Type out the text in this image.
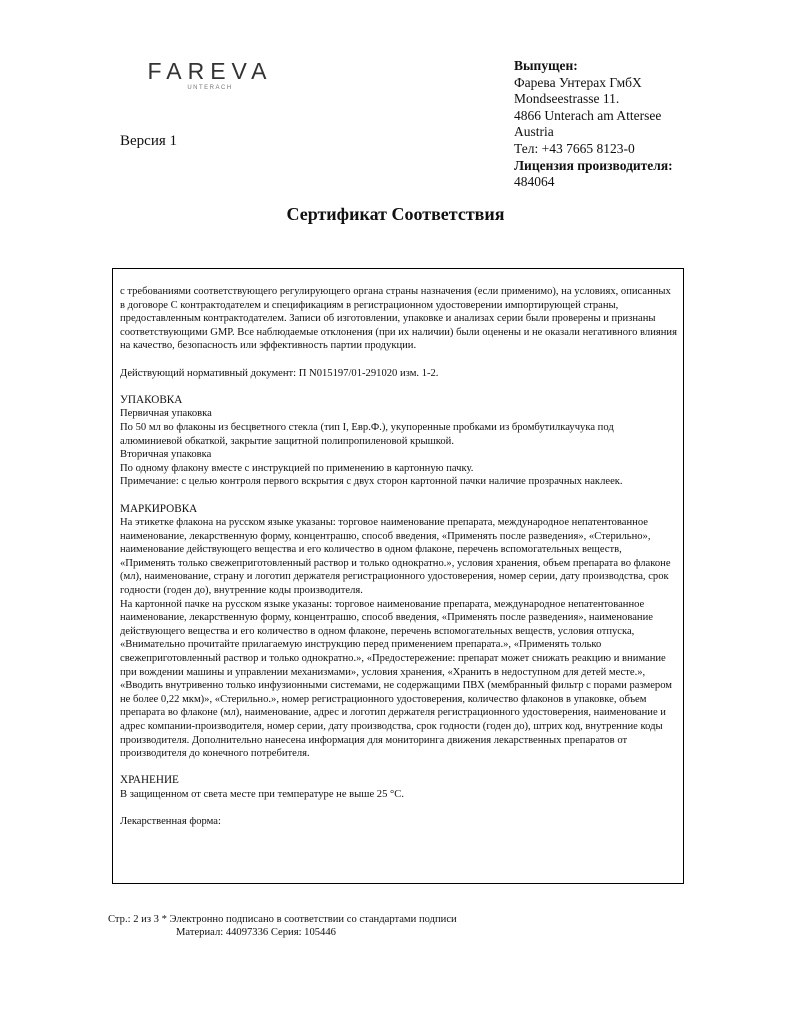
FAREVA
UNTERACH
Выпущен:
Фарева Унтерах ГмбХ
Mondseestrasse 11.
4866 Unterach am Attersee
Austria
Тел: +43 7665 8123-0
Лицензия производителя:
484064
Версия 1
Сертификат Соответствия

с требованиями соответствующего регулирующего органа страны назначения (если применимо), на условиях, описанных в договоре С контрактодателем и спецификациям в регистрационном удостоверении импортирующей страны, предоставленным контрактодателем. Записи об изготовлении, упаковке и анализах серии были проверены и признаны соответствующими GMP. Все наблюдаемые отклонения (при их наличии) были оценены и не оказали негативного влияния на качество, безопасность или эффективность партии продукции.

Действующий нормативный документ: П N015197/01-291020 изм. 1-2.

УПАКОВКА

Первичная упаковка

По 50 мл во флаконы из бесцветного стекла (тип I, Евр.Ф.), укупоренные пробками из бромбутилкаучука под алюминиевой обкаткой, закрытие защитной полипропиленовой крышкой.

Вторичная упаковка

По одному флакону вместе с инструкцией по применению в картонную пачку.

Примечание: с целью контроля первого вскрытия с двух сторон картонной пачки наличие прозрачных наклеек.

МАРКИРОВКА

На этикетке флакона на русском языке указаны: торговое наименование препарата, международное непатентованное наименование, лекарственную форму, концентрашю, способ введения, «Применять после разведения», «Стерильно», наименование действующего вещества и его количество в одном флаконе, перечень вспомогательных веществ, «Применять только свежеприготовленный раствор и только однократно.», условия хранения, объем препарата во флаконе (мл), наименование, страну и логотип держателя регистрационного удостоверения, номер серии, дату производства, срок годности (годен до), внутренние коды производителя.

На картонной пачке на русском языке указаны: торговое наименование препарата, международное непатентованное наименование, лекарственную форму, концентрашю, способ введения, «Применять после разведения», наименование действующего вещества и его количество в одном флаконе, перечень вспомогательных веществ, условия отпуска, «Внимательно прочитайте прилагаемую инструкцию перед применением препарата.», «Применять только свежеприготовленный раствор и только однократно.», «Предостережение: препарат может снижать реакцию и внимание при вождении машины и управлении механизмами», условия хранения, «Хранить в недоступном для детей месте.», «Вводить внутривенно только инфузионными системами, не содержащими ПВХ (мембранный фильтр с порами размером не более 0,22 мкм)», «Стерильно.», номер регистрационного удостоверения, количество флаконов в упаковке, объем препарата во флаконе (мл), наименование, адрес и логотип держателя регистрационного удостоверения, наименование и адрес компании-производителя, номер серии, дату производства, срок годности (годен до), штрих код, внутренние коды производителя. Дополнительно нанесена информация для мониторинга движения лекарственных препаратов от производителя до конечного потребителя.

ХРАНЕНИЕ

В защищенном от света месте при температуре не выше 25 °С.

Лекарственная форма:

Стр.: 2 из 3 * Электронно подписано в соответствии со стандартами подписи
Материал: 44097336 Серия: 105446
